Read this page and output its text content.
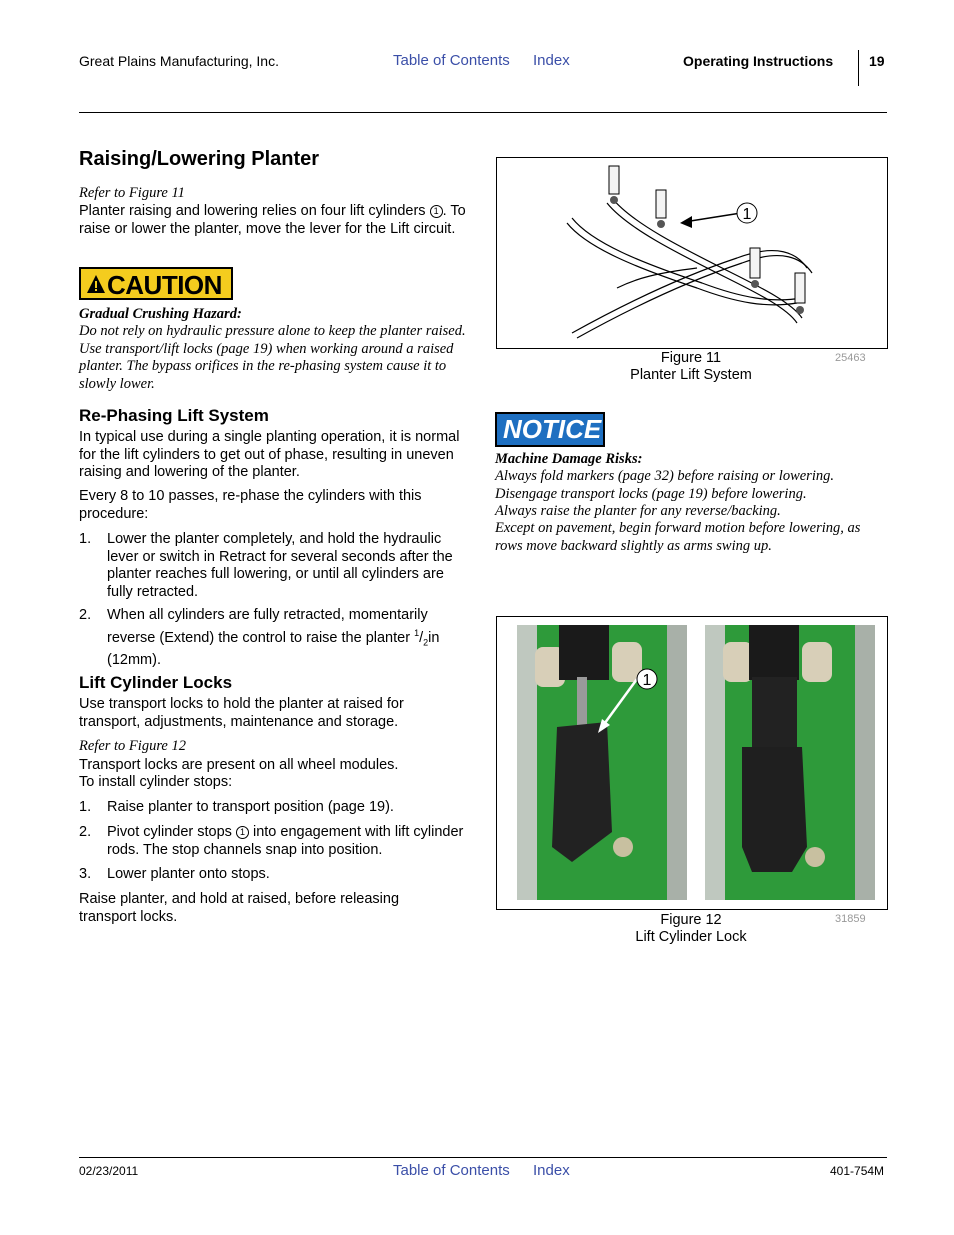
Great Plains Manufacturing, Inc.	Table of Contents Index	Operating Instructions	19
Raising/Lowering Planter
Refer to Figure 11
Planter raising and lowering relies on four lift cylinders 1 . To raise or lower the planter, move the lever for the Lift circuit.
CAUTION
Gradual Crushing Hazard:
Do not rely on hydraulic pressure alone to keep the planter raised. Use transport/lift locks (page 19) when working around a raised planter. The bypass orifices in the re-phasing system cause it to slowly lower.
Re-Phasing Lift System
In typical use during a single planting operation, it is normal for the lift cylinders to get out of phase, resulting in uneven raising and lowering of the planter.
Every 8 to 10 passes, re-phase the cylinders with this procedure:
1. Lower the planter completely, and hold the hydraulic lever or switch in Retract for several seconds after the planter reaches full lowering, or until all cylinders are fully retracted.
2. When all cylinders are fully retracted, momentarily reverse (Extend) the control to raise the planter $^1/_2in$ (12mm).
Lift Cylinder Locks
Use transport locks to hold the planter at raised for transport, adjustments, maintenance and storage.
Refer to Figure 12
Transport locks are present on all wheel modules.
To install cylinder stops:
1. Raise planter to transport position (page 19).
2. Pivot cylinder stops 1 into engagement with lift cylinder rods. The stop channels snap into position.
3. Lower planter onto stops.
Raise planter, and hold at raised, before releasing transport locks.
1
Figure 11
Planter Lift System
25463
NOTICE
Machine Damage Risks:
Always fold markers (page 32) before raising or lowering.
Disengage transport locks (page 19) before lowering.
Always raise the planter for any reverse/backing.
Except on pavement, begin forward motion before lowering, as rows move backward slightly as arms swing up.
1
Figure 12
Lift Cylinder Lock
31859
02/23/2011	Table of Contents Index	401-754M
